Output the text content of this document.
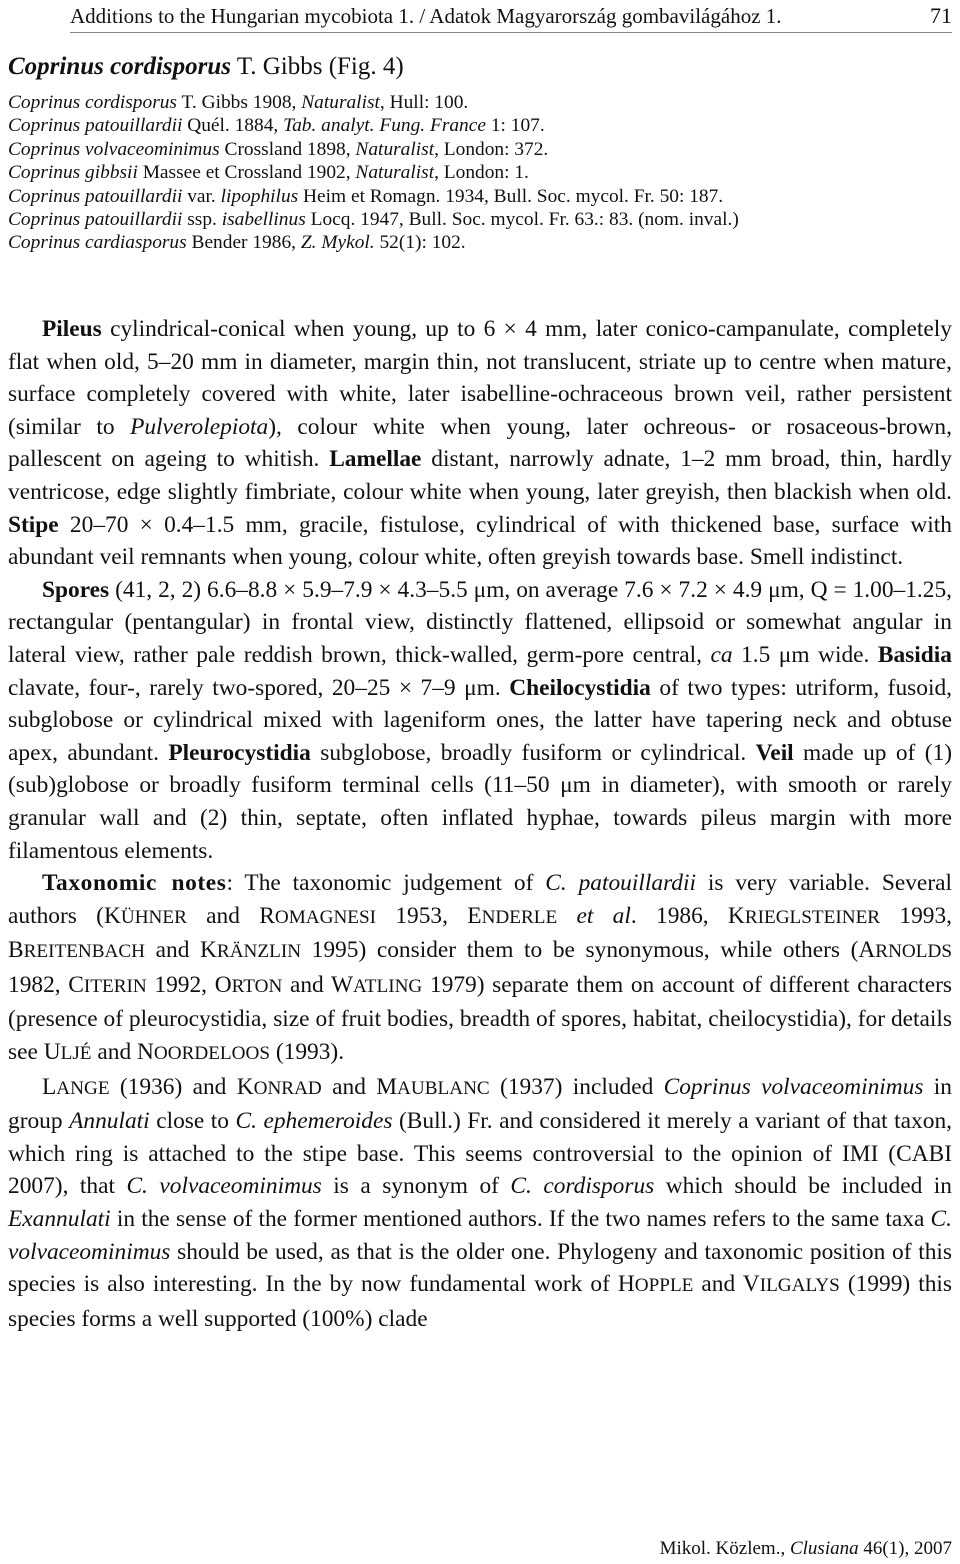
Additions to the Hungarian mycobiota 1. / Adatok Magyarország gombavilágához 1.	71
Coprinus cordisporus T. Gibbs (Fig. 4)
Coprinus cordisporus T. Gibbs 1908, Naturalist, Hull: 100.
Coprinus patouillardii Quél. 1884, Tab. analyt. Fung. France 1: 107.
Coprinus volvaceominimus Crossland 1898, Naturalist, London: 372.
Coprinus gibbsii Massee et Crossland 1902, Naturalist, London: 1.
Coprinus patouillardii var. lipophilus Heim et Romagn. 1934, Bull. Soc. mycol. Fr. 50: 187.
Coprinus patouillardii ssp. isabellinus Locq. 1947, Bull. Soc. mycol. Fr. 63.: 83. (nom. inval.)
Coprinus cardiasporus Bender 1986, Z. Mykol. 52(1): 102.

Pileus cylindrical-conical when young, up to 6 × 4 mm, later conico-campanulate, completely flat when old, 5–20 mm in diameter, margin thin, not translucent, striate up to centre when mature, surface completely covered with white, later isabelline-ochraceous brown veil, rather persistent (similar to Pulverolepiota), colour white when young, later ochreous- or rosaceous-brown, pallescent on ageing to whitish. Lamellae distant, narrowly adnate, 1–2 mm broad, thin, hardly ventricose, edge slightly fimbriate, colour white when young, later greyish, then blackish when old. Stipe 20–70 × 0.4–1.5 mm, gracile, fistulose, cylindrical of with thickened base, surface with abundant veil remnants when young, colour white, often greyish towards base. Smell indistinct.

Spores (41, 2, 2) 6.6–8.8 × 5.9–7.9 × 4.3–5.5 μm, on average 7.6 × 7.2 × 4.9 μm, Q = 1.00–1.25, rectangular (pentangular) in frontal view, distinctly flattened, ellipsoid or somewhat angular in lateral view, rather pale reddish brown, thick-walled, germ-pore central, ca 1.5 μm wide. Basidia clavate, four-, rarely two-spored, 20–25 × 7–9 μm. Cheilocystidia of two types: utriform, fusoid, subglobose or cylindrical mixed with lageniform ones, the latter have tapering neck and obtuse apex, abundant. Pleurocystidia subglobose, broadly fusiform or cylindrical. Veil made up of (1) (sub)globose or broadly fusiform terminal cells (11–50 μm in diameter), with smooth or rarely granular wall and (2) thin, septate, often inflated hyphae, towards pileus margin with more filamentous elements.

Taxonomic notes: The taxonomic judgement of C. patouillardii is very variable. Several authors (KÜHNER and ROMAGNESI 1953, ENDERLE et al. 1986, KRIEGLSTEINER 1993, BREITENBACH and KRÄNZLIN 1995) consider them to be synonymous, while others (ARNOLDS 1982, CITERIN 1992, ORTON and WATLING 1979) separate them on account of different characters (presence of pleurocystidia, size of fruit bodies, breadth of spores, habitat, cheilocystidia), for details see ULJÉ and NOORDELOOS (1993).

LANGE (1936) and KONRAD and MAUBLANC (1937) included Coprinus volvaceominimus in group Annulati close to C. ephemeroides (Bull.) Fr. and considered it merely a variant of that taxon, which ring is attached to the stipe base. This seems controversial to the opinion of IMI (CABI 2007), that C. volvaceominimus is a synonym of C. cordisporus which should be included in Exannulati in the sense of the former mentioned authors. If the two names refers to the same taxa C. volvaceominimus should be used, as that is the older one. Phylogeny and taxonomic position of this species is also interesting. In the by now fundamental work of HOPPLE and VILGALYS (1999) this species forms a well supported (100%) clade

Mikol. Közlem., Clusiana 46(1), 2007
